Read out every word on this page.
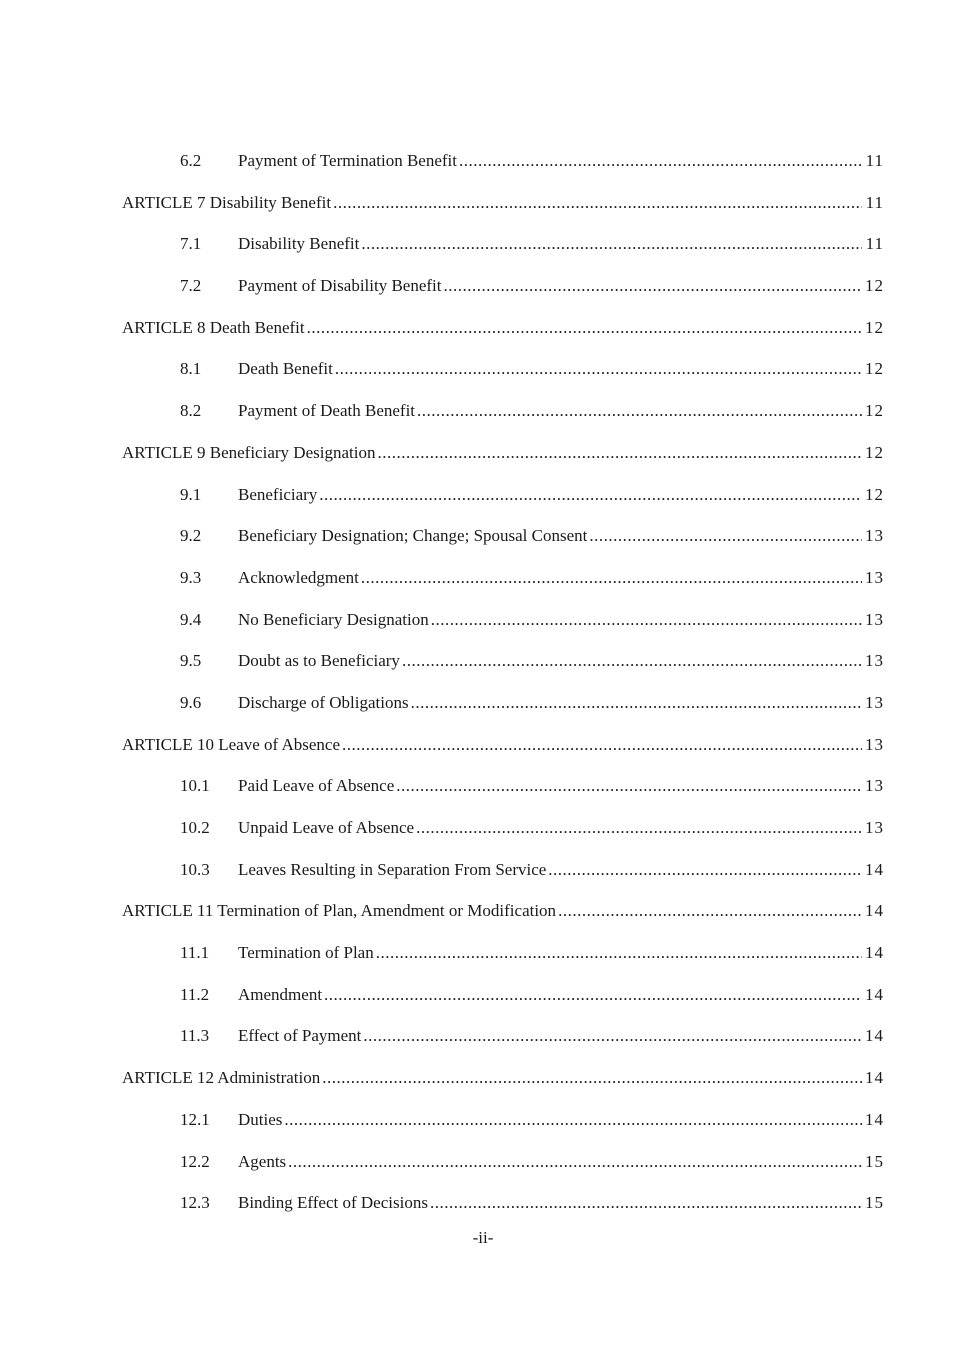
6.2	Payment of Termination Benefit .....	11
ARTICLE 7 Disability Benefit .....	11
7.1	Disability Benefit .....	11
7.2	Payment of Disability Benefit .....	12
ARTICLE 8 Death Benefit .....	12
8.1	Death Benefit .....	12
8.2	Payment of Death Benefit .....	12
ARTICLE 9 Beneficiary Designation .....	12
9.1	Beneficiary .....	12
9.2	Beneficiary Designation; Change; Spousal Consent .....	13
9.3	Acknowledgment .....	13
9.4	No Beneficiary Designation .....	13
9.5	Doubt as to Beneficiary .....	13
9.6	Discharge of Obligations .....	13
ARTICLE 10 Leave of Absence .....	13
10.1	Paid Leave of Absence .....	13
10.2	Unpaid Leave of Absence .....	13
10.3	Leaves Resulting in Separation From Service .....	14
ARTICLE 11 Termination of Plan, Amendment or Modification .....	14
11.1	Termination of Plan .....	14
11.2	Amendment .....	14
11.3	Effect of Payment .....	14
ARTICLE 12 Administration .....	14
12.1	Duties .....	14
12.2	Agents .....	15
12.3	Binding Effect of Decisions .....	15
-ii-
